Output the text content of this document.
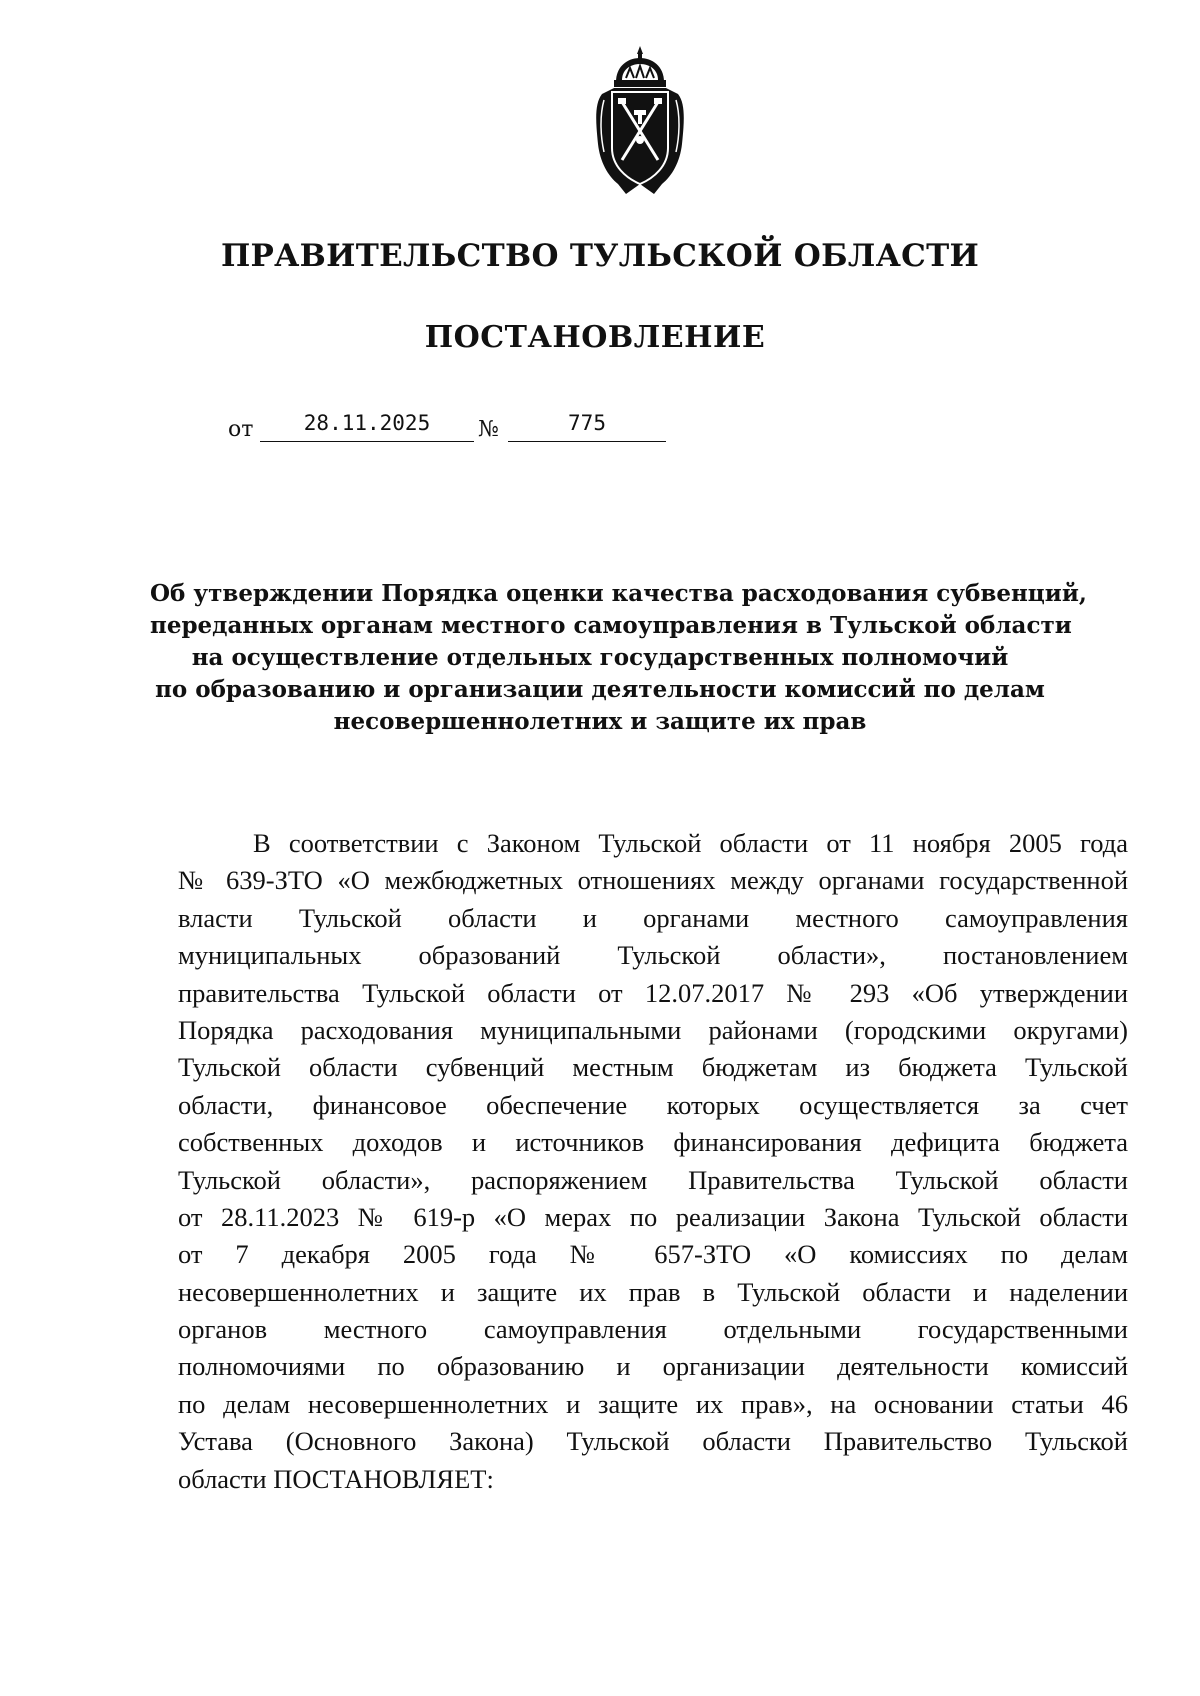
ПРАВИТЕЛЬСТВО ТУЛЬСКОЙ ОБЛАСТИ
ПОСТАНОВЛЕНИЕ
от	28.11.2025	№	775
Об утверждении Порядка оценки качества расходования субвенций,
переданных органам местного самоуправления в Тульской области
на осуществление отдельных государственных полномочий
по образованию и организации деятельности комиссий по делам
несовершеннолетних и защите их прав
В соответствии с Законом Тульской области от 11 ноября 2005 года
№ 639-ЗТО «О межбюджетных отношениях между органами государственной
власти Тульской области и органами местного самоуправления
муниципальных образований Тульской области», постановлением
правительства Тульской области от 12.07.2017 № 293 «Об утверждении
Порядка расходования муниципальными районами (городскими округами)
Тульской области субвенций местным бюджетам из бюджета Тульской
области, финансовое обеспечение которых осуществляется за счет
собственных доходов и источников финансирования дефицита бюджета
Тульской области», распоряжением Правительства Тульской области
от 28.11.2023 № 619-р «О мерах по реализации Закона Тульской области
от 7 декабря 2005 года № 657-ЗТО «О комиссиях по делам
несовершеннолетних и защите их прав в Тульской области и наделении
органов местного самоуправления отдельными государственными
полномочиями по образованию и организации деятельности комиссий
по делам несовершеннолетних и защите их прав», на основании статьи 46
Устава (Основного Закона) Тульской области Правительство Тульской
области ПОСТАНОВЛЯЕТ:
